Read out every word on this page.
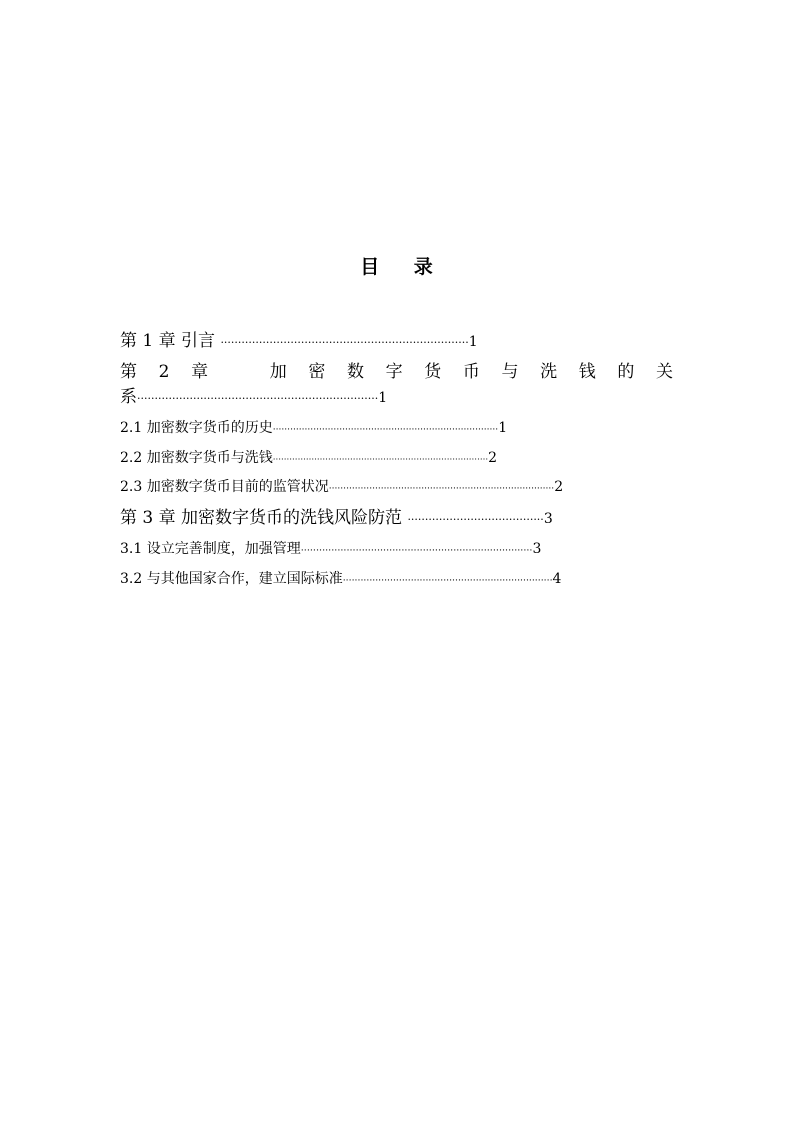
目 录
第 1 章 引言 ·······································································1
第 2 章	加 密 数 字 货 币 与 洗 钱 的 关
系·····································································1
2.1 加密数字货币的历史··············································································1
2.2 加密数字货币与洗钱··············································································2
2.3 加密数字货币目前的监管状况··············································································2
第 3 章 加密数字货币的洗钱风险防范 ·······································3
3.1 设立完善制度，加强管理············································································3
3.2 与其他国家合作，建立国际标准·······································································4
